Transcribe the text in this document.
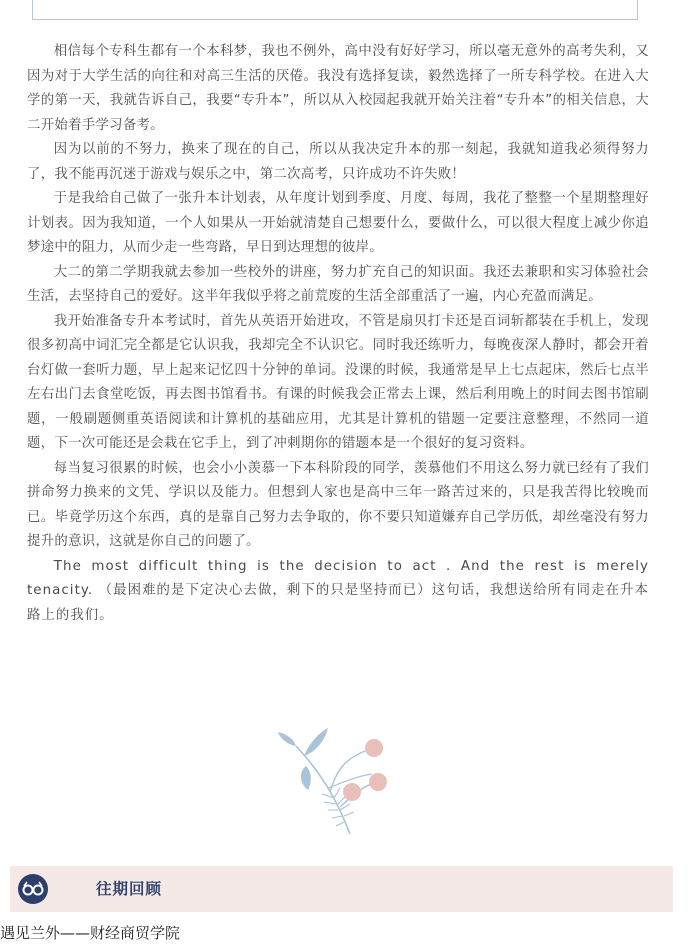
相信每个专科生都有一个本科梦，我也不例外，高中没有好好学习，所以毫无意外的高考失利，又因为对于大学生活的向往和对高三生活的厌倦。我没有选择复读，毅然选择了一所专科学校。在进入大学的第一天，我就告诉自己，我要“专升本”，所以从入校园起我就开始关注着“专升本”的相关信息，大二开始着手学习备考。

因为以前的不努力，换来了现在的自己，所以从我决定升本的那一刻起，我就知道我必须得努力了，我不能再沉迷于游戏与娱乐之中，第二次高考，只许成功不许失败！

于是我给自己做了一张升本计划表，从年度计划到季度、月度、每周，我花了整整一个星期整理好计划表。因为我知道，一个人如果从一开始就清楚自己想要什么，要做什么，可以很大程度上减少你追梦途中的阻力，从而少走一些弯路，早日到达理想的彼岸。

大二的第二学期我就去参加一些校外的讲座，努力扩充自己的知识面。我还去兼职和实习体验社会生活，去坚持自己的爱好。这半年我似乎将之前荒废的生活全部重活了一遍，内心充盈而满足。

我开始准备专升本考试时，首先从英语开始进攻，不管是扇贝打卡还是百词斩都装在手机上，发现很多初高中词汇完全都是它认识我，我却完全不认识它。同时我还练听力，每晚夜深人静时，都会开着台灯做一套听力题，早上起来记忆四十分钟的单词。没课的时候，我通常是早上七点起床，然后七点半左右出门去食堂吃饭，再去图书馆看书。有课的时候我会正常去上课，然后利用晚上的时间去图书馆刷题，一般刷题侧重英语阅读和计算机的基础应用，尤其是计算机的错题一定要注意整理，不然同一道题，下一次可能还是会栽在它手上，到了冲刺期你的错题本是一个很好的复习资料。

每当复习很累的时候，也会小小羡慕一下本科阶段的同学，羡慕他们不用这么努力就已经有了我们拼命努力换来的文凭、学识以及能力。但想到人家也是高中三年一路苦过来的，只是我苦得比较晚而已。毕竟学历这个东西，真的是靠自己努力去争取的，你不要只知道嫌弃自己学历低，却丝毫没有努力提升的意识，这就是你自己的问题了。

The most difficult thing is the decision to act . And the rest is merely tenacity. （最困难的是下定决心去做，剩下的只是坚持而已）这句话，我想送给所有同走在升本路上的我们。

往期回顾
遇见兰外——财经商贸学院
